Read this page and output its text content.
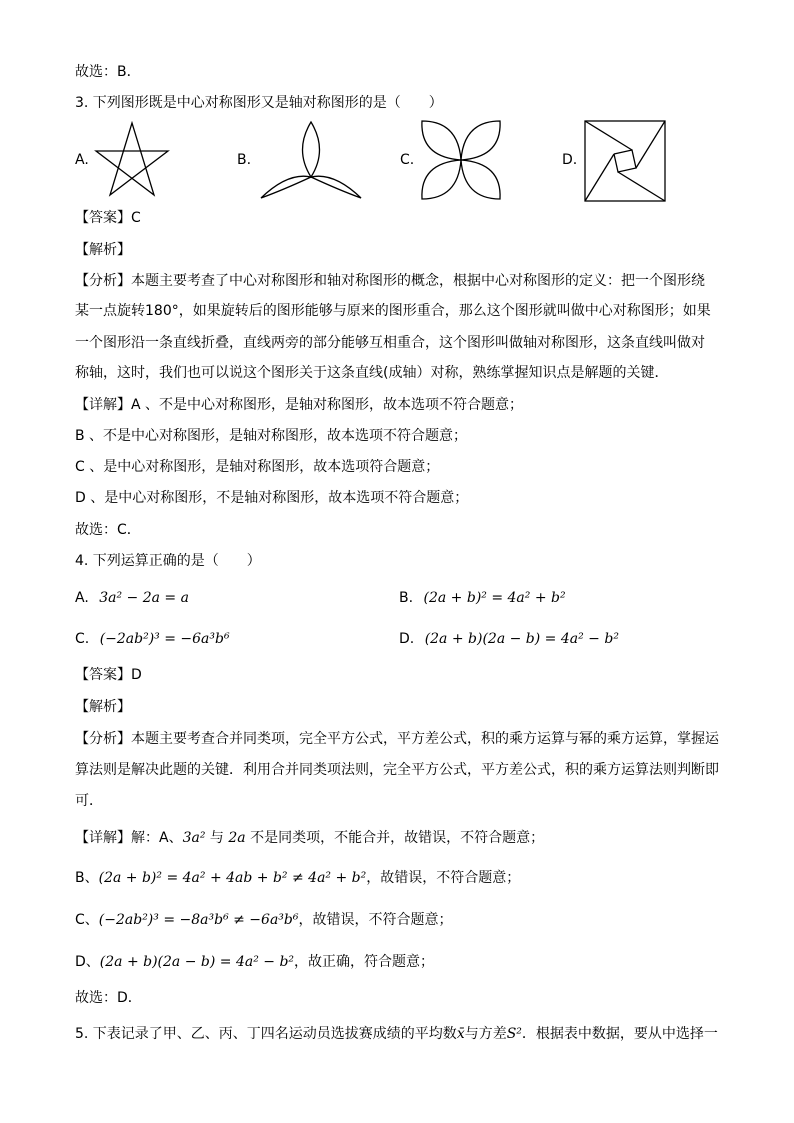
故选：B．
3. 下列图形既是中心对称图形又是轴对称图形的是（　　）
A.	B.	C.	D.
【答案】C
【解析】
【分析】本题主要考查了中心对称图形和轴对称图形的概念，根据中心对称图形的定义：把一个图形绕
某一点旋转180°，如果旋转后的图形能够与原来的图形重合，那么这个图形就叫做中心对称图形；如果
一个图形沿一条直线折叠，直线两旁的部分能够互相重合，这个图形叫做轴对称图形，这条直线叫做对
称轴，这时，我们也可以说这个图形关于这条直线(成轴）对称，熟练掌握知识点是解题的关键．
【详解】A 、不是中心对称图形，是轴对称图形，故本选项不符合题意；
B 、不是中心对称图形，是轴对称图形，故本选项不符合题意；
C 、是中心对称图形，是轴对称图形，故本选项符合题意；
D 、是中心对称图形，不是轴对称图形，故本选项不符合题意；
故选：C．
4. 下列运算正确的是（　　）
A. 3a² − 2a = a	B. (2a + b)² = 4a² + b²
C. (−2ab²)³ = −6a³b⁶	D. (2a + b)(2a − b) = 4a² − b²
【答案】D
【解析】
【分析】本题主要考查合并同类项，完全平方公式，平方差公式，积的乘方运算与幂的乘方运算，掌握运
算法则是解决此题的关键．利用合并同类项法则，完全平方公式，平方差公式，积的乘方运算法则判断即
可．
【详解】解：A、3a² 与 2a 不是同类项，不能合并，故错误，不符合题意；
B、(2a + b)² = 4a² + 4ab + b² ≠ 4a² + b²，故错误，不符合题意；
C、(−2ab²)³ = −8a³b⁶ ≠ −6a³b⁶，故错误，不符合题意；
D、(2a + b)(2a − b) = 4a² − b²，故正确，符合题意；
故选：D．
5. 下表记录了甲、乙、丙、丁四名运动员选拔赛成绩的平均数x̄与方差S²．根据表中数据，要从中选择一
